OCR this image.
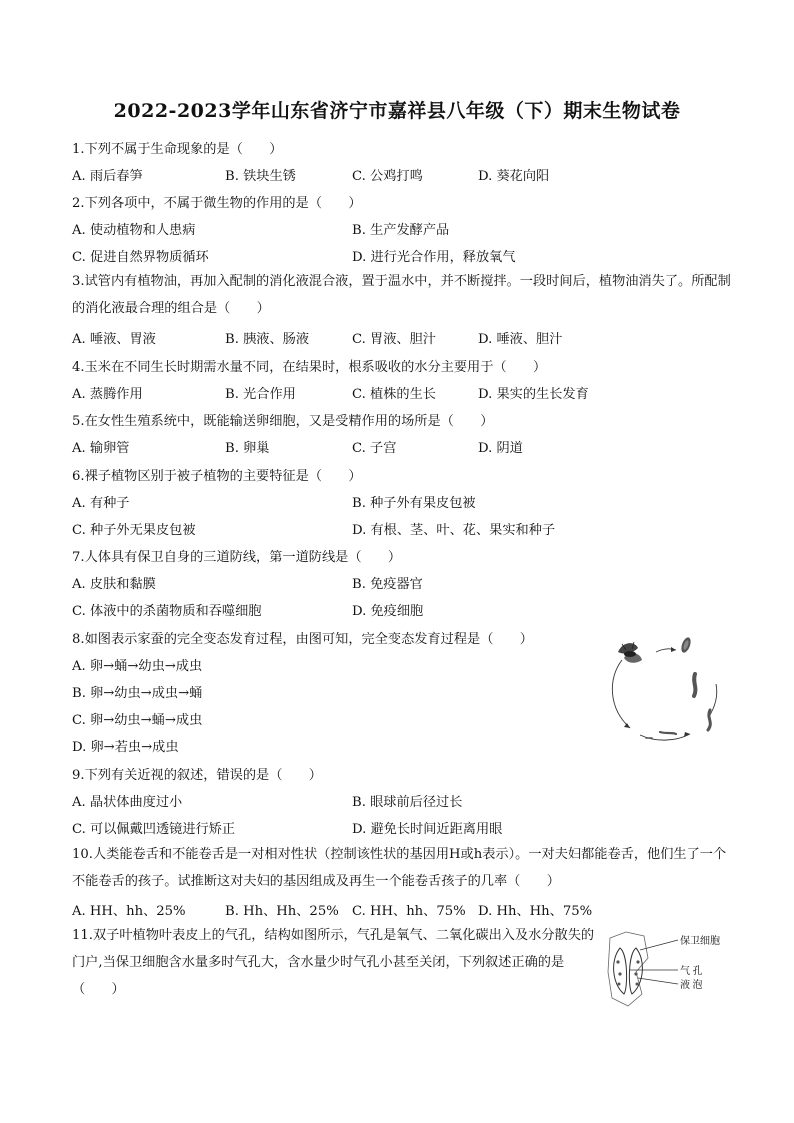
2022-2023学年山东省济宁市嘉祥县八年级（下）期末生物试卷
1.下列不属于生命现象的是（　　）
A. 雨后春笋	B. 铁块生锈	C. 公鸡打鸣	D. 葵花向阳
2.下列各项中，不属于微生物的作用的是（　　）
A. 使动植物和人患病	B. 生产发酵产品
C. 促进自然界物质循环	D. 进行光合作用，释放氧气
3.试管内有植物油，再加入配制的消化液混合液，置于温水中，并不断搅拌。一段时间后，植物油消失了。所配制的消化液最合理的组合是（　　）
A. 唾液、胃液	B. 胰液、肠液	C. 胃液、胆汁	D. 唾液、胆汁
4.玉米在不同生长时期需水量不同，在结果时，根系吸收的水分主要用于（　　）
A. 蒸腾作用	B. 光合作用	C. 植株的生长	D. 果实的生长发育
5.在女性生殖系统中，既能输送卵细胞，又是受精作用的场所是（　　）
A. 输卵管	B. 卵巢	C. 子宫	D. 阴道
6.裸子植物区别于被子植物的主要特征是（　　）
A. 有种子	B. 种子外有果皮包被
C. 种子外无果皮包被	D. 有根、茎、叶、花、果实和种子
7.人体具有保卫自身的三道防线，第一道防线是（　　）
A. 皮肤和黏膜	B. 免疫器官
C. 体液中的杀菌物质和吞噬细胞	D. 免疫细胞
8.如图表示家蚕的完全变态发育过程，由图可知，完全变态发育过程是（　　）
A. 卵→蛹→幼虫→成虫
B. 卵→幼虫→成虫→蛹
C. 卵→幼虫→蛹→成虫
D. 卵→若虫→成虫
9.下列有关近视的叙述，错误的是（　　）
A. 晶状体曲度过小	B. 眼球前后径过长
C. 可以佩戴凹透镜进行矫正	D. 避免长时间近距离用眼
10.人类能卷舌和不能卷舌是一对相对性状（控制该性状的基因用H或h表示）。一对夫妇都能卷舌，他们生了一个不能卷舌的孩子。试推断这对夫妇的基因组成及再生一个能卷舌孩子的几率（　　）
A. HH、hh、25%	B. Hh、Hh、25% C. HH、hh、75% D. Hh、Hh、75%
11.双子叶植物叶表皮上的气孔，结构如图所示，气孔是氧气、二氧化碳出入及水分散失的门户,当保卫细胞含水量多时气孔大，含水量少时气孔小甚至关闭，下列叙述正确的是（　　）
保卫细胞
气 孔
液 泡
